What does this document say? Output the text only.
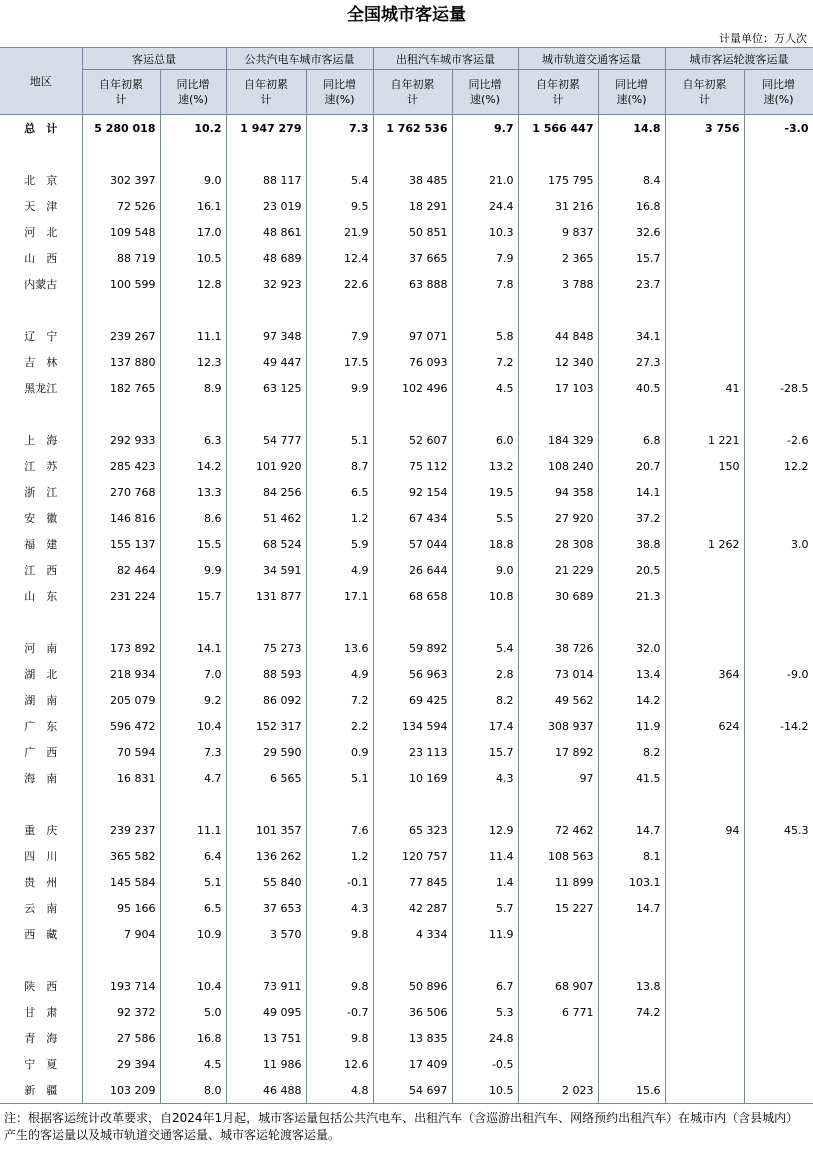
全国城市客运量
计量单位：万人次
地区	客运总量		公共汽电车城市客运量		出租汽车城市客运量		城市轨道交通客运量		城市客运轮渡客运量	
	自年初累计	同比增速(%)	自年初累计	同比增速(%)	自年初累计	同比增速(%)	自年初累计	同比增速(%)	自年初累计	同比增速(%)
总　计	5 280 018	10.2	1 947 279	7.3	1 762 536	9.7	1 566 447	14.8	3 756	-3.0

北　京	302 397	9.0	88 117	5.4	38 485	21.0	175 795	8.4		
天　津	72 526	16.1	23 019	9.5	18 291	24.4	31 216	16.8		
河　北	109 548	17.0	48 861	21.9	50 851	10.3	9 837	32.6		
山　西	88 719	10.5	48 689	12.4	37 665	7.9	2 365	15.7		
内蒙古	100 599	12.8	32 923	22.6	63 888	7.8	3 788	23.7		

辽　宁	239 267	11.1	97 348	7.9	97 071	5.8	44 848	34.1		
吉　林	137 880	12.3	49 447	17.5	76 093	7.2	12 340	27.3		
黑龙江	182 765	8.9	63 125	9.9	102 496	4.5	17 103	40.5	41	-28.5

上　海	292 933	6.3	54 777	5.1	52 607	6.0	184 329	6.8	1 221	-2.6
江　苏	285 423	14.2	101 920	8.7	75 112	13.2	108 240	20.7	150	12.2
浙　江	270 768	13.3	84 256	6.5	92 154	19.5	94 358	14.1		
安　徽	146 816	8.6	51 462	1.2	67 434	5.5	27 920	37.2		
福　建	155 137	15.5	68 524	5.9	57 044	18.8	28 308	38.8	1 262	3.0
江　西	82 464	9.9	34 591	4.9	26 644	9.0	21 229	20.5		
山　东	231 224	15.7	131 877	17.1	68 658	10.8	30 689	21.3		

河　南	173 892	14.1	75 273	13.6	59 892	5.4	38 726	32.0		
湖　北	218 934	7.0	88 593	4.9	56 963	2.8	73 014	13.4	364	-9.0
湖　南	205 079	9.2	86 092	7.2	69 425	8.2	49 562	14.2		
广　东	596 472	10.4	152 317	2.2	134 594	17.4	308 937	11.9	624	-14.2
广　西	70 594	7.3	29 590	0.9	23 113	15.7	17 892	8.2		
海　南	16 831	4.7	6 565	5.1	10 169	4.3	97	41.5		

重　庆	239 237	11.1	101 357	7.6	65 323	12.9	72 462	14.7	94	45.3
四　川	365 582	6.4	136 262	1.2	120 757	11.4	108 563	8.1		
贵　州	145 584	5.1	55 840	-0.1	77 845	1.4	11 899	103.1		
云　南	95 166	6.5	37 653	4.3	42 287	5.7	15 227	14.7		
西　藏	7 904	10.9	3 570	9.8	4 334	11.9				

陕　西	193 714	10.4	73 911	9.8	50 896	6.7	68 907	13.8		
甘　肃	92 372	5.0	49 095	-0.7	36 506	5.3	6 771	74.2		
青　海	27 586	16.8	13 751	9.8	13 835	24.8				
宁　夏	29 394	4.5	11 986	12.6	17 409	-0.5				
新　疆	103 209	8.0	46 488	4.8	54 697	10.5	2 023	15.6		
注：根据客运统计改革要求，自2024年1月起，城市客运量包括公共汽电车、出租汽车（含巡游出租汽车、网络预约出租汽车）在城市内（含县城内）产生的客运量以及城市轨道交通客运量、城市客运轮渡客运量。
